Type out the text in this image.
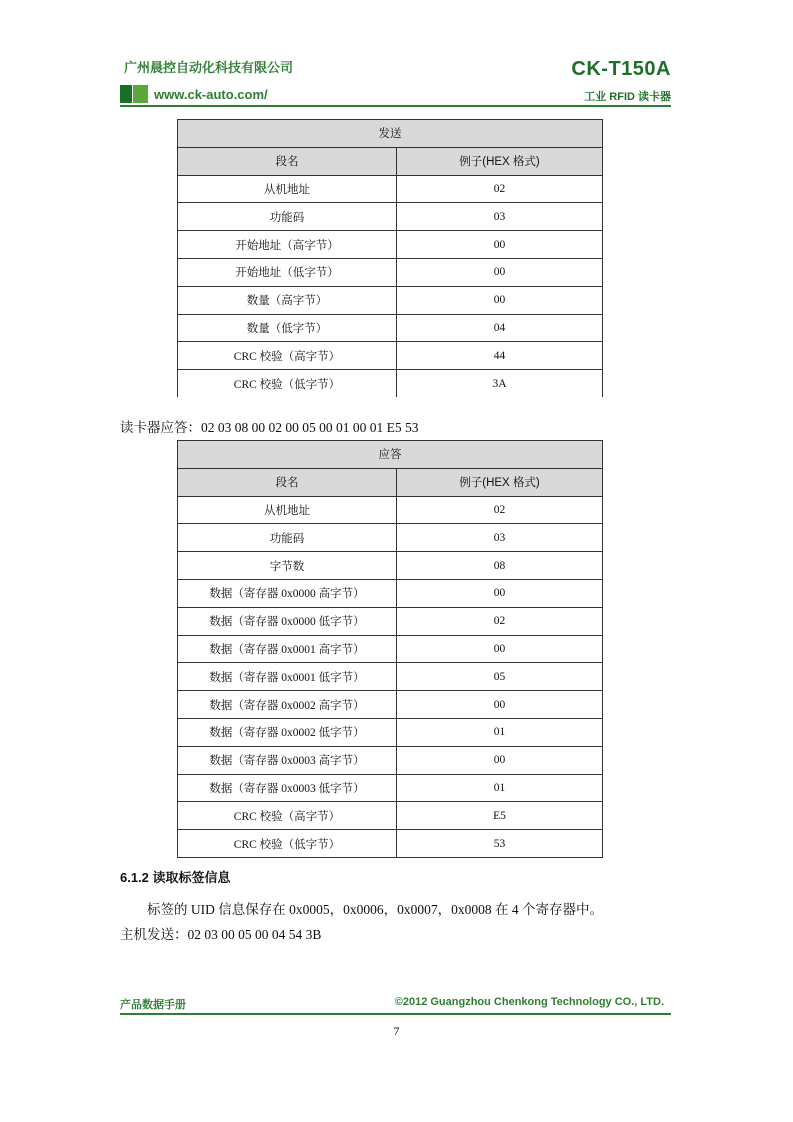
广州晨控自动化科技有限公司	CK-T150A
www.ck-auto.com/	工业 RFID 读卡器
发送	
段名	例子(HEX 格式)
从机地址	02
功能码	03
开始地址（高字节）	00
开始地址（低字节）	00
数量（高字节）	00
数量（低字节）	04
CRC 校验（高字节）	44
CRC 校验（低字节）	3A
读卡器应答：02 03 08 00 02 00 05 00 01 00 01 E5 53
应答	
段名	例子(HEX 格式)
从机地址	02
功能码	03
字节数	08
数据（寄存器 0x0000 高字节）	00
数据（寄存器 0x0000 低字节）	02
数据（寄存器 0x0001 高字节）	00
数据（寄存器 0x0001 低字节）	05
数据（寄存器 0x0002 高字节）	00
数据（寄存器 0x0002 低字节）	01
数据（寄存器 0x0003 高字节）	00
数据（寄存器 0x0003 低字节）	01
CRC 校验（高字节）	E5
CRC 校验（低字节）	53
6.1.2 读取标签信息
标签的 UID 信息保存在 0x0005，0x0006，0x0007，0x0008 在 4 个寄存器中。
主机发送：02 03 00 05 00 04 54 3B
产品数据手册	©2012 Guangzhou Chenkong Technology CO., LTD.
7
